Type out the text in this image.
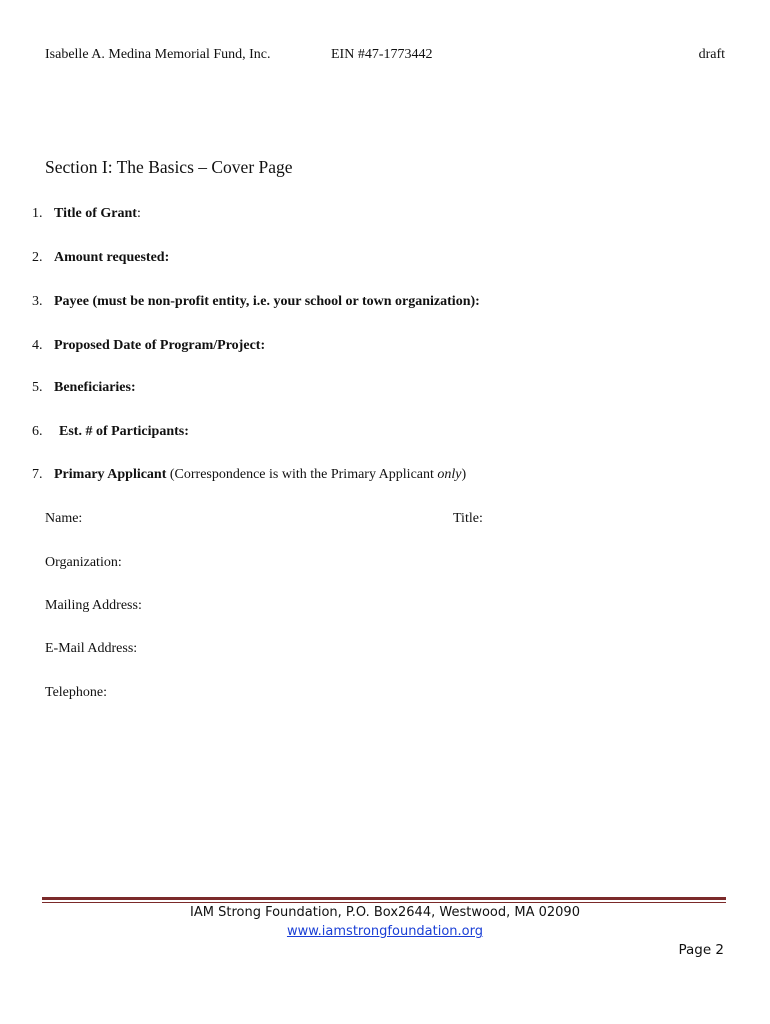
Isabelle A. Medina Memorial Fund, Inc.	EIN #47-1773442	draft
Section I: The Basics – Cover Page
1. Title of Grant:
2. Amount requested:
3. Payee (must be non-profit entity, i.e. your school or town organization):
4. Proposed Date of Program/Project:
5. Beneficiaries:
6. Est. # of Participants:
7. Primary Applicant (Correspondence is with the Primary Applicant only)
Name:	Title:
Organization:
Mailing Address:
E-Mail Address:
Telephone:
IAM Strong Foundation, P.O. Box2644, Westwood, MA 02090
www.iamstrongfoundation.org
Page 2
